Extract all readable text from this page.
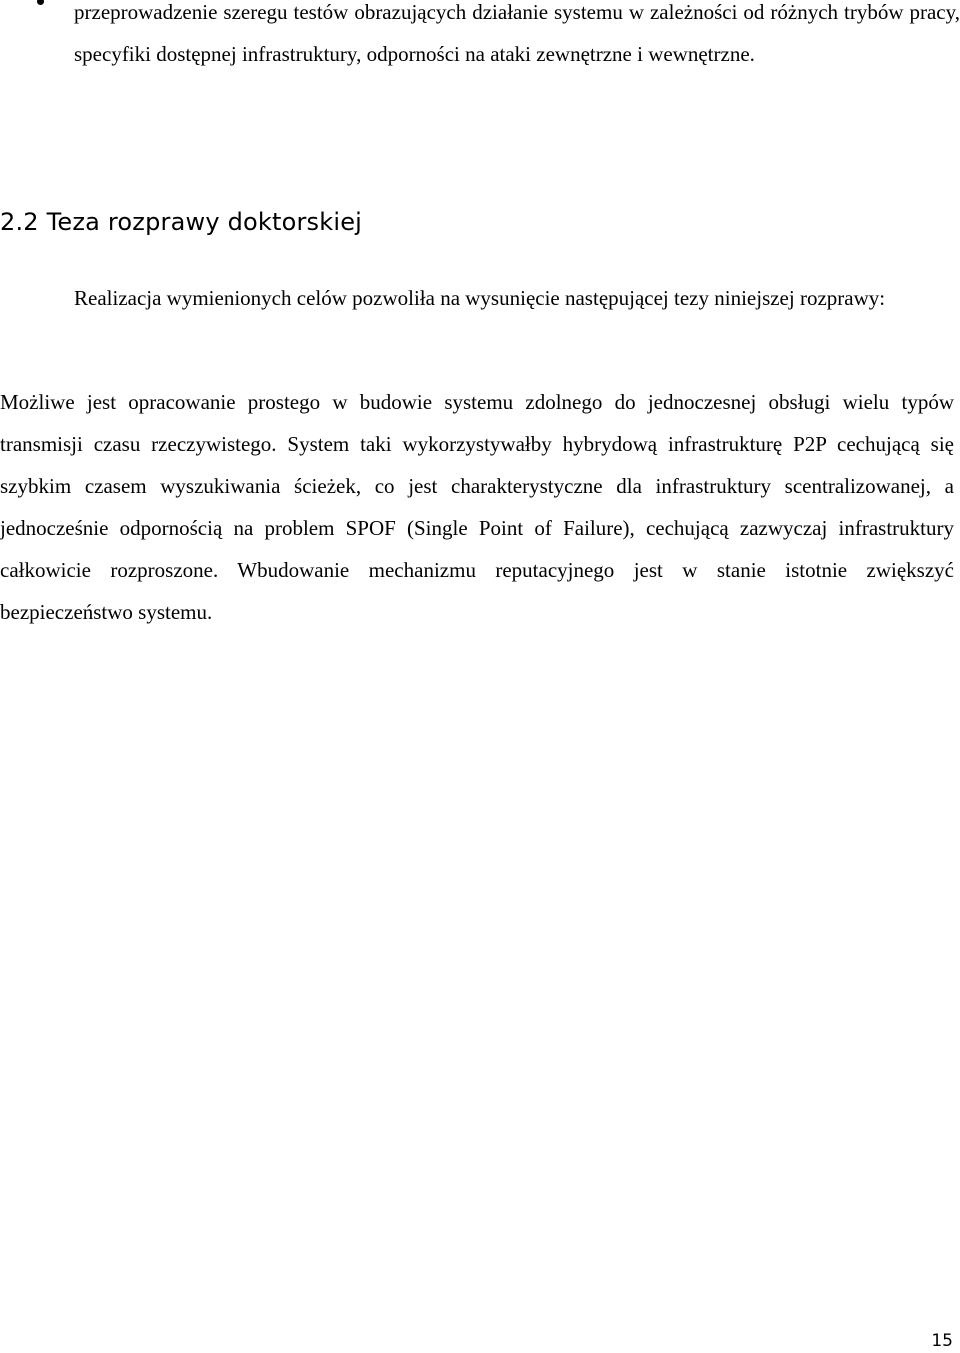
przeprowadzenie szeregu testów obrazujących działanie systemu w zależności od różnych trybów pracy, specyfiki dostępnej infrastruktury, odporności na ataki zewnętrzne i wewnętrzne.
2.2 Teza rozprawy doktorskiej

Realizacja wymienionych celów pozwoliła na wysunięcie następującej tezy niniejszej rozprawy:

Możliwe jest opracowanie prostego w budowie systemu zdolnego do jednoczesnej obsługi wielu typów transmisji czasu rzeczywistego. System taki wykorzystywałby hybrydową infrastrukturę P2P cechującą się szybkim czasem wyszukiwania ścieżek, co jest charakterystyczne dla infrastruktury scentralizowanej, a jednocześnie odpornością na problem SPOF (Single Point of Failure), cechującą zazwyczaj infrastruktury całkowicie rozproszone. Wbudowanie mechanizmu reputacyjnego jest w stanie istotnie zwiększyć bezpieczeństwo systemu.

15
